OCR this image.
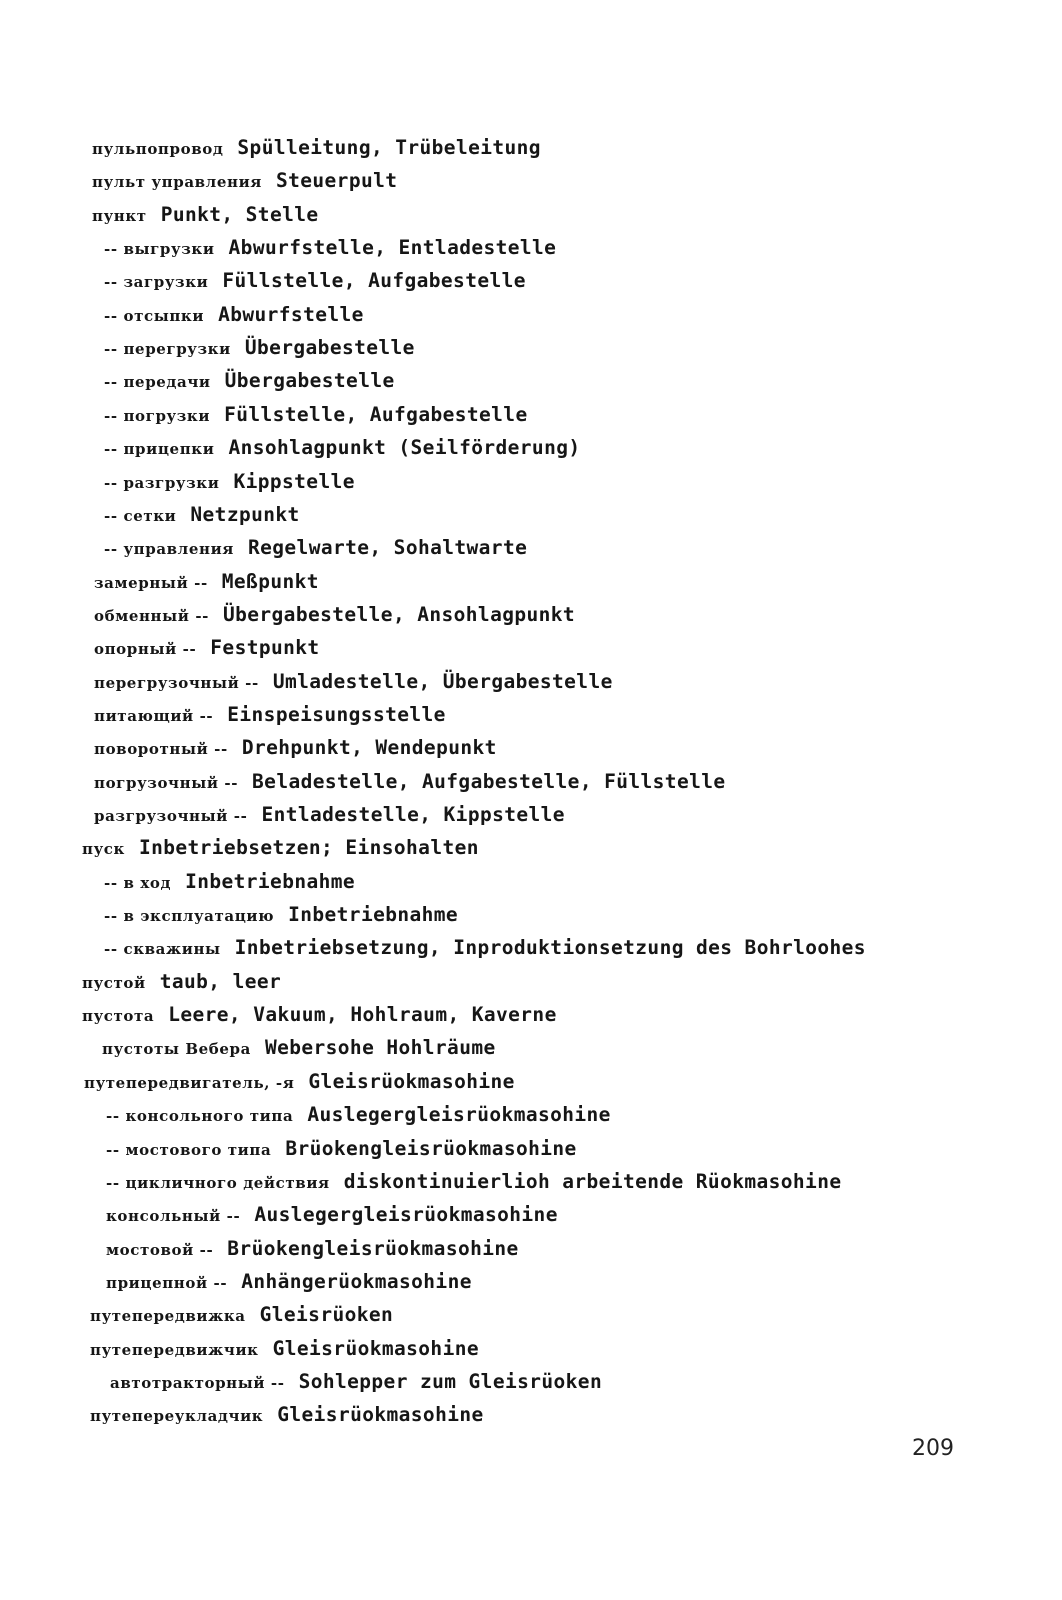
пульпопровод Spülleitung, Trübeleitung
пульт управления Steuerpult
пункт Punkt, Stelle
-- выгрузки Abwurfstelle, Entladestelle
-- загрузки Füllstelle, Aufgabestelle
-- отсыпки Abwurfstelle
-- перегрузки Übergabestelle
-- передачи Übergabestelle
-- погрузки Füllstelle, Aufgabestelle
-- прицепки Ansohlagpunkt (Seilförderung)
-- разгрузки Kippstelle
-- сетки Netzpunkt
-- управления Regelwarte, Sohaltwarte
замерный -- Meßpunkt
обменный -- Übergabestelle, Ansohlagpunkt
опорный -- Festpunkt
перегрузочный -- Umladestelle, Übergabestelle
питающий -- Einspeisungsstelle
поворотный -- Drehpunkt, Wendepunkt
погрузочный -- Beladestelle, Aufgabestelle, Füllstelle
разгрузочный -- Entladestelle, Kippstelle
пуск Inbetriebsetzen; Einsohalten
-- в ход Inbetriebnahme
-- в эксплуатацию Inbetriebnahme
-- скважины Inbetriebsetzung, Inproduktionsetzung des Bohrloohes
пустой taub, leer
пустота Leere, Vakuum, Hohlraum, Kaverne
пустоты Вебера Webersohe Hohlräume
путепередвигатель, -я Gleisrüokmasohine
-- консольного типа Auslegergleisrüokmasohine
-- мостового типа Brüokengleisrüokmasohine
-- цикличного действия diskontinuierlioh arbeitende Rüokmasohine
консольный -- Auslegergleisrüokmasohine
мостовой -- Brüokengleisrüokmasohine
прицепной -- Anhängerüokmasohine
путепередвижка Gleisrüoken
путепередвижчик Gleisrüokmasohine
автотракторный -- Sohlepper zum Gleisrüoken
путепереукладчик Gleisrüokmasohine
209
